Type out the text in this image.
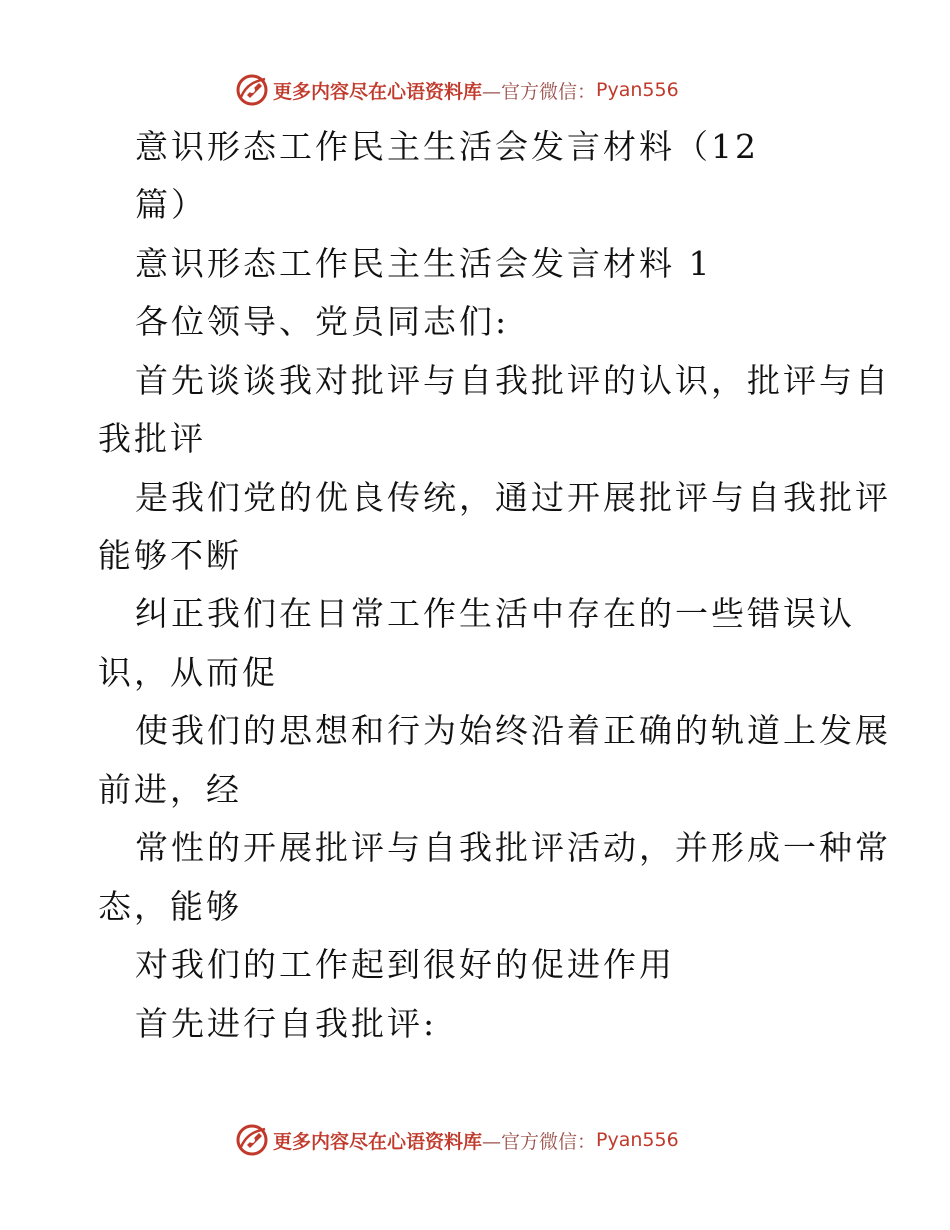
更多内容尽在心语资料库 —官方微信： Pyan556
意识形态工作民主生活会发言材料（12
篇）
意识形态工作民主生活会发言材料 1
各位领导、党员同志们:
首先谈谈我对批评与自我批评的认识，批评与自
我批评
是我们党的优良传统，通过开展批评与自我批评
能够不断
纠正我们在日常工作生活中存在的一些错误认
识，从而促
使我们的思想和行为始终沿着正确的轨道上发展
前进，经
常性的开展批评与自我批评活动，并形成一种常
态，能够
对我们的工作起到很好的促进作用
首先进行自我批评:
更多内容尽在心语资料库 —官方微信： Pyan556
